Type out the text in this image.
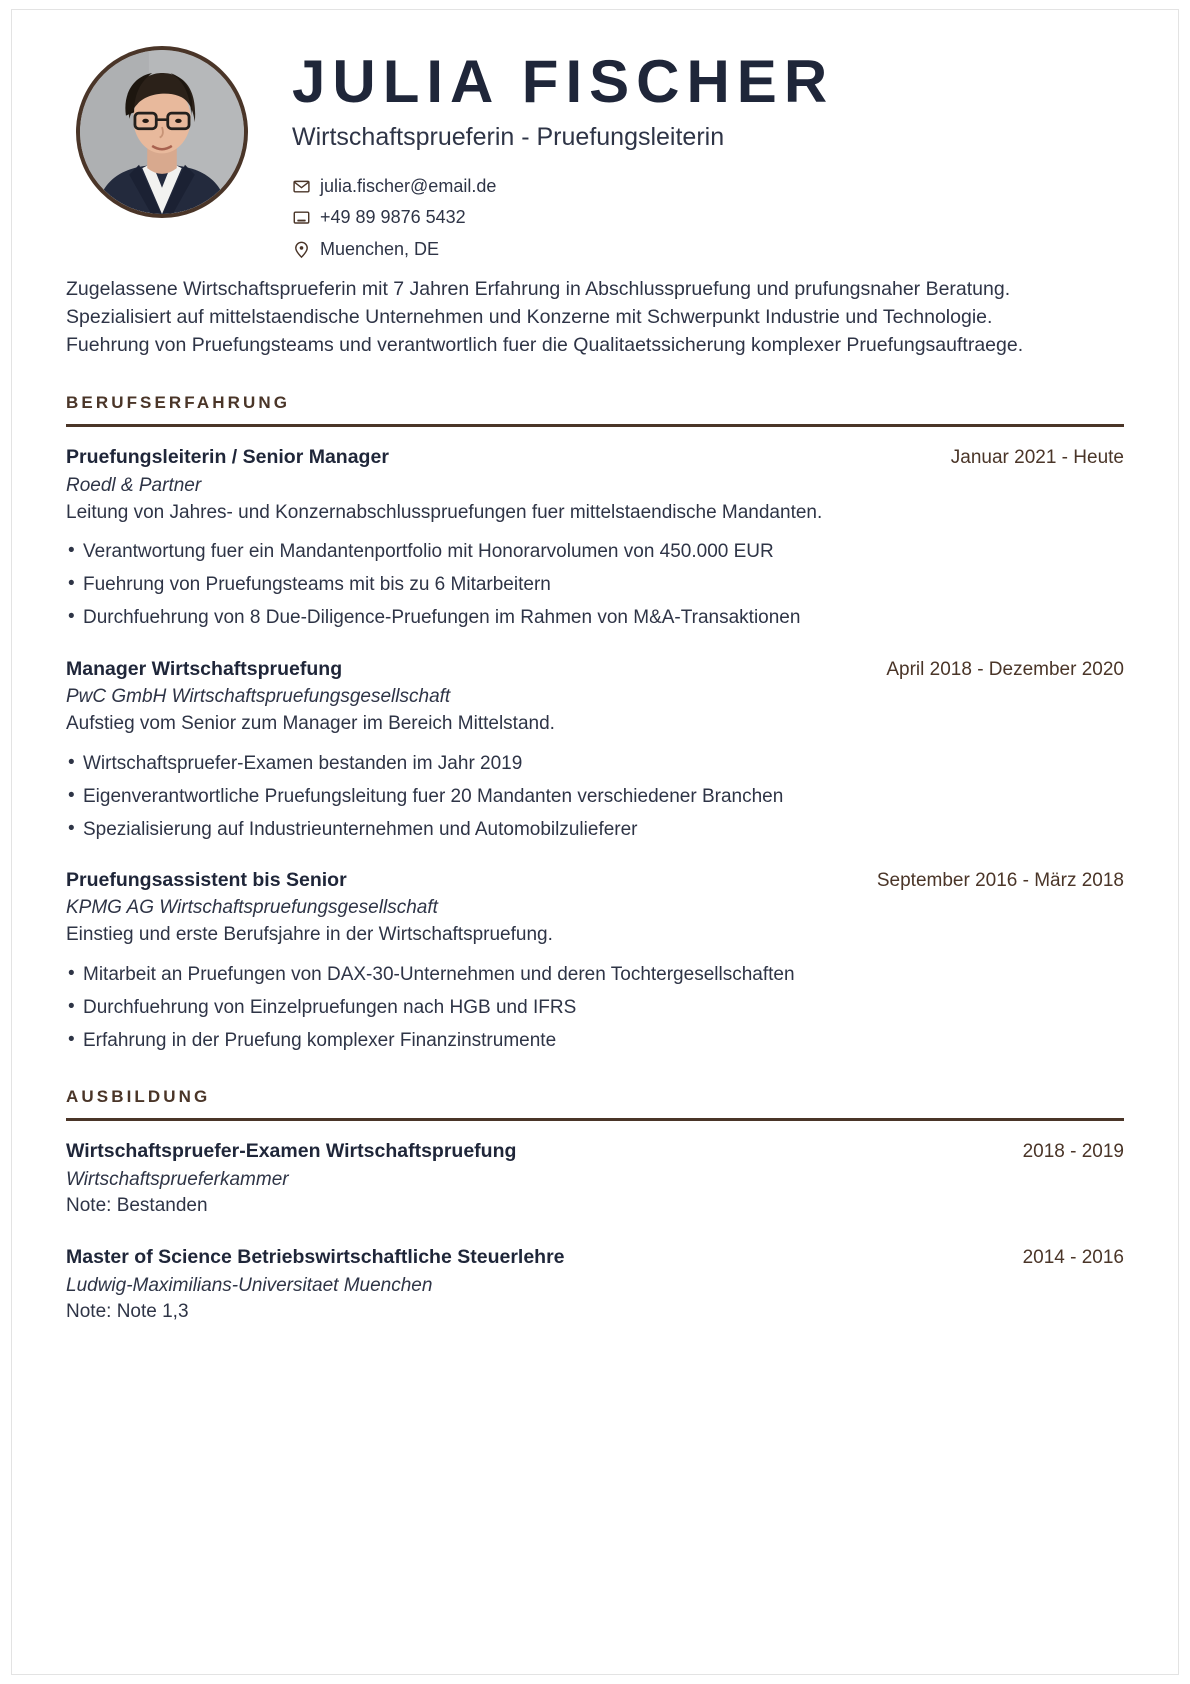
JULIA FISCHER
Wirtschaftsprueferin - Pruefungsleiterin
julia.fischer@email.de
+49 89 9876 5432
Muenchen, DE
Zugelassene Wirtschaftsprueferin mit 7 Jahren Erfahrung in Abschlusspruefung und prufungsnaher Beratung.
Spezialisiert auf mittelstaendische Unternehmen und Konzerne mit Schwerpunkt Industrie und Technologie.
Fuehrung von Pruefungsteams und verantwortlich fuer die Qualitaetssicherung komplexer Pruefungsauftraege.
BERUFSERFAHRUNG
Pruefungsleiterin / Senior Manager	Januar 2021 - Heute
Roedl & Partner
Leitung von Jahres- und Konzernabschlusspruefungen fuer mittelstaendische Mandanten.
• Verantwortung fuer ein Mandantenportfolio mit Honorarvolumen von 450.000 EUR
• Fuehrung von Pruefungsteams mit bis zu 6 Mitarbeitern
• Durchfuehrung von 8 Due-Diligence-Pruefungen im Rahmen von M&A-Transaktionen
Manager Wirtschaftspruefung	April 2018 - Dezember 2020
PwC GmbH Wirtschaftspruefungsgesellschaft
Aufstieg vom Senior zum Manager im Bereich Mittelstand.
• Wirtschaftspruefer-Examen bestanden im Jahr 2019
• Eigenverantwortliche Pruefungsleitung fuer 20 Mandanten verschiedener Branchen
• Spezialisierung auf Industrieunternehmen und Automobilzulieferer
Pruefungsassistent bis Senior	September 2016 - März 2018
KPMG AG Wirtschaftspruefungsgesellschaft
Einstieg und erste Berufsjahre in der Wirtschaftspruefung.
• Mitarbeit an Pruefungen von DAX-30-Unternehmen und deren Tochtergesellschaften
• Durchfuehrung von Einzelpruefungen nach HGB und IFRS
• Erfahrung in der Pruefung komplexer Finanzinstrumente
AUSBILDUNG
Wirtschaftspruefer-Examen Wirtschaftspruefung	2018 - 2019
Wirtschaftsprueferkammer
Note: Bestanden
Master of Science Betriebswirtschaftliche Steuerlehre	2014 - 2016
Ludwig-Maximilians-Universitaet Muenchen
Note: Note 1,3
